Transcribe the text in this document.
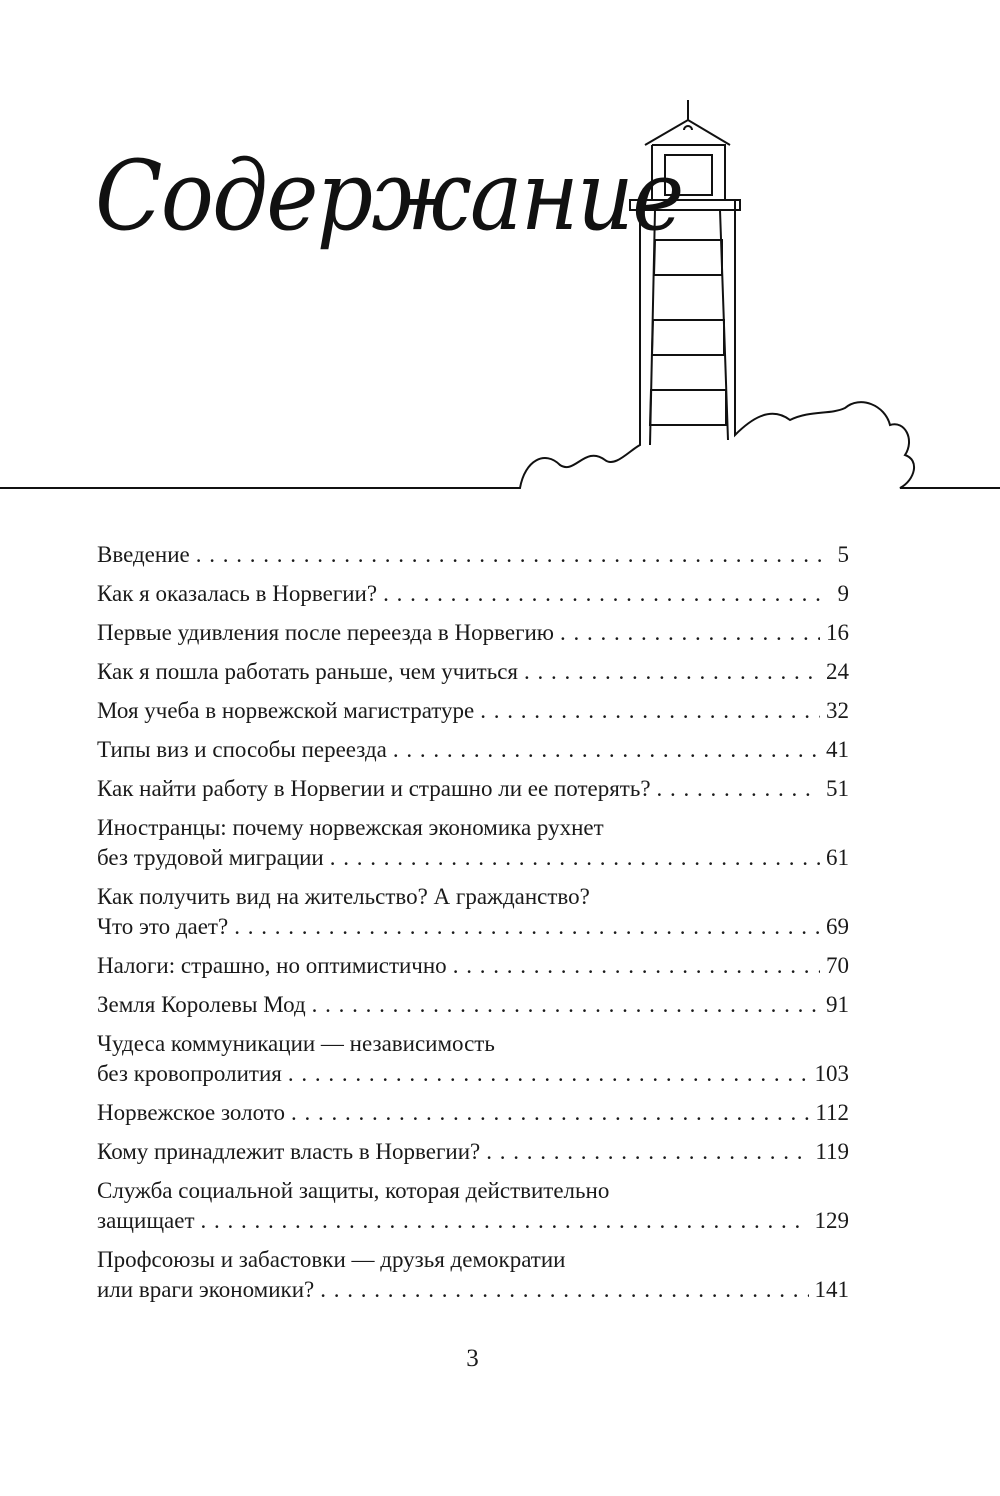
Содержание
Введение . . .	5
Как я оказалась в Норвегии? . . .	9
Первые удивления после переезда в Норвегию . . .	16
Как я пошла работать раньше, чем учиться . . .	24
Моя учеба в норвежской магистратуре . . .	32
Типы виз и способы переезда . . .	41
Как найти работу в Норвегии и страшно ли ее потерять? . . .	51
Иностранцы: почему норвежская экономика рухнет
без трудовой миграции . . .	61
Как получить вид на жительство? А гражданство?
Что это дает? . . .	69
Налоги: страшно, но оптимистично . . .	70
Земля Королевы Мод . . .	91
Чудеса коммуникации — независимость
без кровопролития . . .	103
Норвежское золото . . .	112
Кому принадлежит власть в Норвегии? . . .	119
Служба социальной защиты, которая действительно
защищает . . .	129
Профсоюзы и забастовки — друзья демократии
или враги экономики? . . .	141
3
